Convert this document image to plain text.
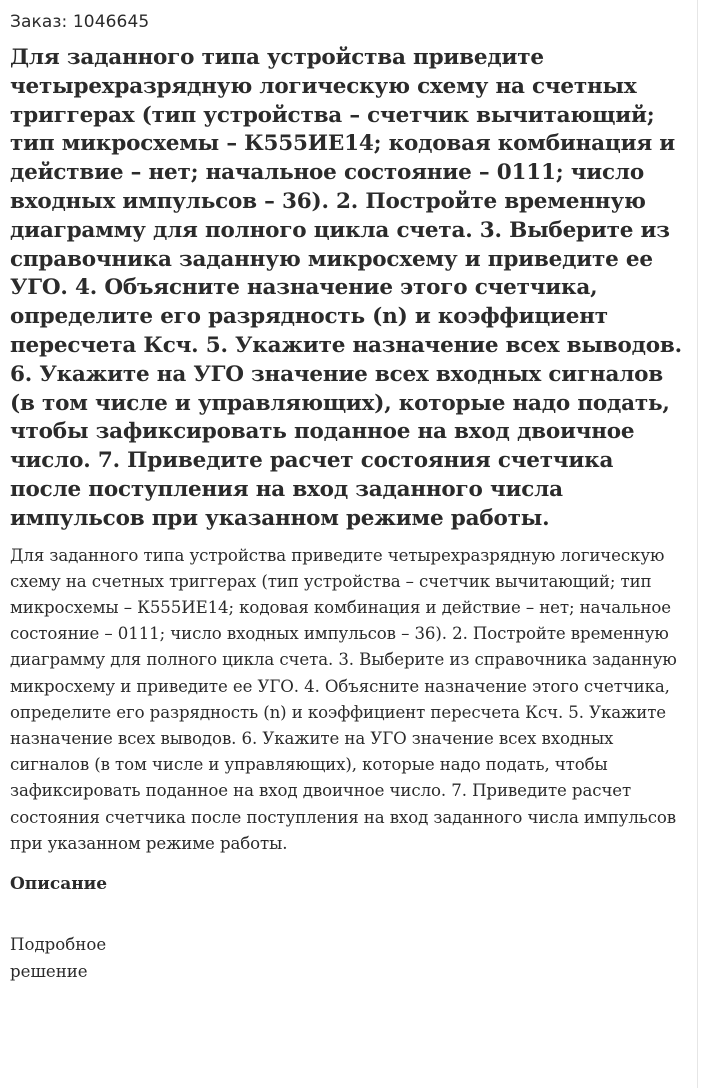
Заказ: 1046645
Для заданного типа устройства приведите четырехразрядную логическую схему на счетных триггерах (тип устройства – счетчик вычитающий; тип микросхемы – К555ИЕ14; кодовая комбинация и действие – нет; начальное состояние – 0111; число входных импульсов – 36). 2. Постройте временную диаграмму для полного цикла счета. 3. Выберите из справочника заданную микросхему и приведите ее УГО. 4. Объясните назначение этого счетчика, определите его разрядность (n) и коэффициент пересчета Ксч. 5. Укажите назначение всех выводов. 6. Укажите на УГО значение всех входных сигналов (в том числе и управляющих), которые надо подать, чтобы зафиксировать поданное на вход двоичное число. 7. Приведите расчет состояния счетчика после поступления на вход заданного числа импульсов при указанном режиме работы.
Для заданного типа устройства приведите четырехразрядную логическую схему на счетных триггерах (тип устройства – счетчик вычитающий; тип микросхемы – К555ИЕ14; кодовая комбинация и действие – нет; начальное состояние – 0111; число входных импульсов – 36). 2. Постройте временную диаграмму для полного цикла счета. 3. Выберите из справочника заданную микросхему и приведите ее УГО. 4. Объясните назначение этого счетчика, определите его разрядность (n) и коэффициент пересчета Ксч. 5. Укажите назначение всех выводов. 6. Укажите на УГО значение всех входных сигналов (в том числе и управляющих), которые надо подать, чтобы зафиксировать поданное на вход двоичное число. 7. Приведите расчет состояния счетчика после поступления на вход заданного числа импульсов при указанном режиме работы.
Описание
Подробное решение
